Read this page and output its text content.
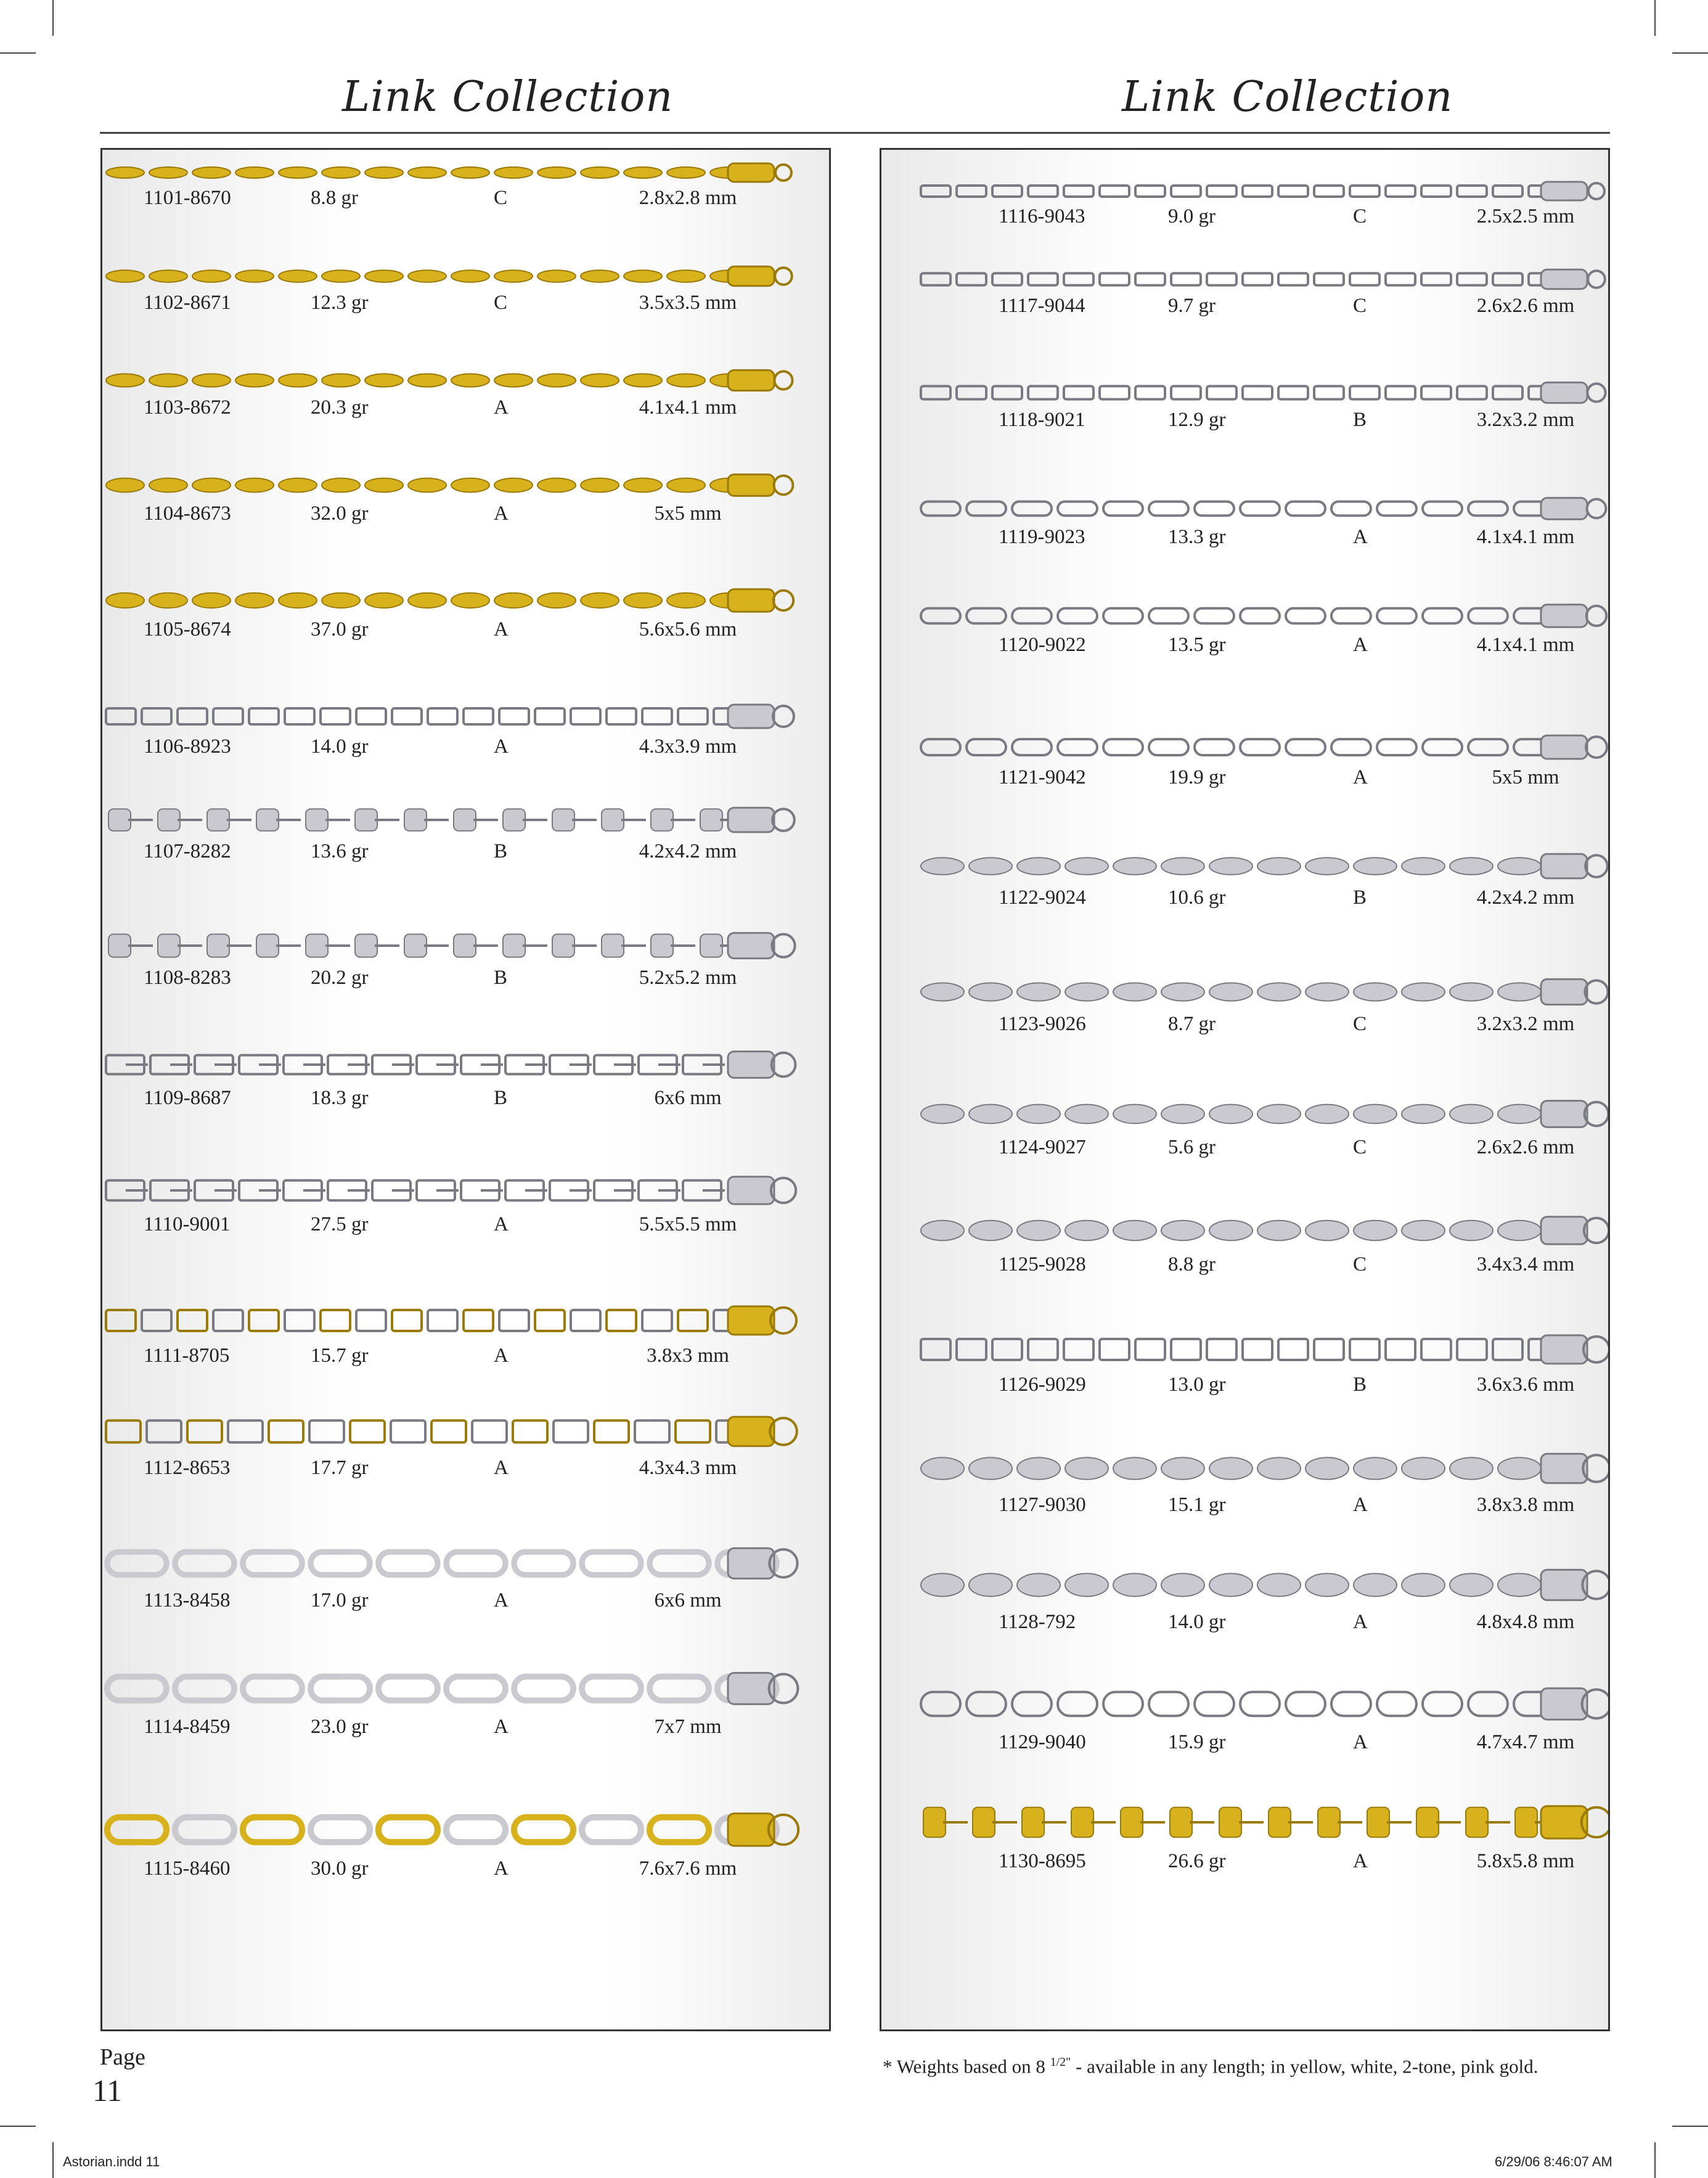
Link Collection	Link Collection
1101-8670	8.8 gr	C	2.8x2.8 mm
1102-8671	12.3 gr	C	3.5x3.5 mm
1103-8672	20.3 gr	A	4.1x4.1 mm
1104-8673	32.0 gr	A	5x5 mm
1105-8674	37.0 gr	A	5.6x5.6 mm
1106-8923	14.0 gr	A	4.3x3.9 mm
1107-8282	13.6 gr	B	4.2x4.2 mm
1108-8283	20.2 gr	B	5.2x5.2 mm
1109-8687	18.3 gr	B	6x6 mm
1110-9001	27.5 gr	A	5.5x5.5 mm
1111-8705	15.7 gr	A	3.8x3 mm
1112-8653	17.7 gr	A	4.3x4.3 mm
1113-8458	17.0 gr	A	6x6 mm
1114-8459	23.0 gr	A	7x7 mm
1115-8460	30.0 gr	A	7.6x7.6 mm
1116-9043	9.0 gr	C	2.5x2.5 mm
1117-9044	9.7 gr	C	2.6x2.6 mm
1118-9021	12.9 gr	B	3.2x3.2 mm
1119-9023	13.3 gr	A	4.1x4.1 mm
1120-9022	13.5 gr	A	4.1x4.1 mm
1121-9042	19.9 gr	A	5x5 mm
1122-9024	10.6 gr	B	4.2x4.2 mm
1123-9026	8.7 gr	C	3.2x3.2 mm
1124-9027	5.6 gr	C	2.6x2.6 mm
1125-9028	8.8 gr	C	3.4x3.4 mm
1126-9029	13.0 gr	B	3.6x3.6 mm
1127-9030	15.1 gr	A	3.8x3.8 mm
1128-792	14.0 gr	A	4.8x4.8 mm
1129-9040	15.9 gr	A	4.7x4.7 mm
1130-8695	26.6 gr	A	5.8x5.8 mm
Page
11
* Weights based on 8 $^{1/2"}$ - available in any length; in yellow, white, 2-tone, pink gold.
Astorian.indd 11	6/29/06 8:46:07 AM
